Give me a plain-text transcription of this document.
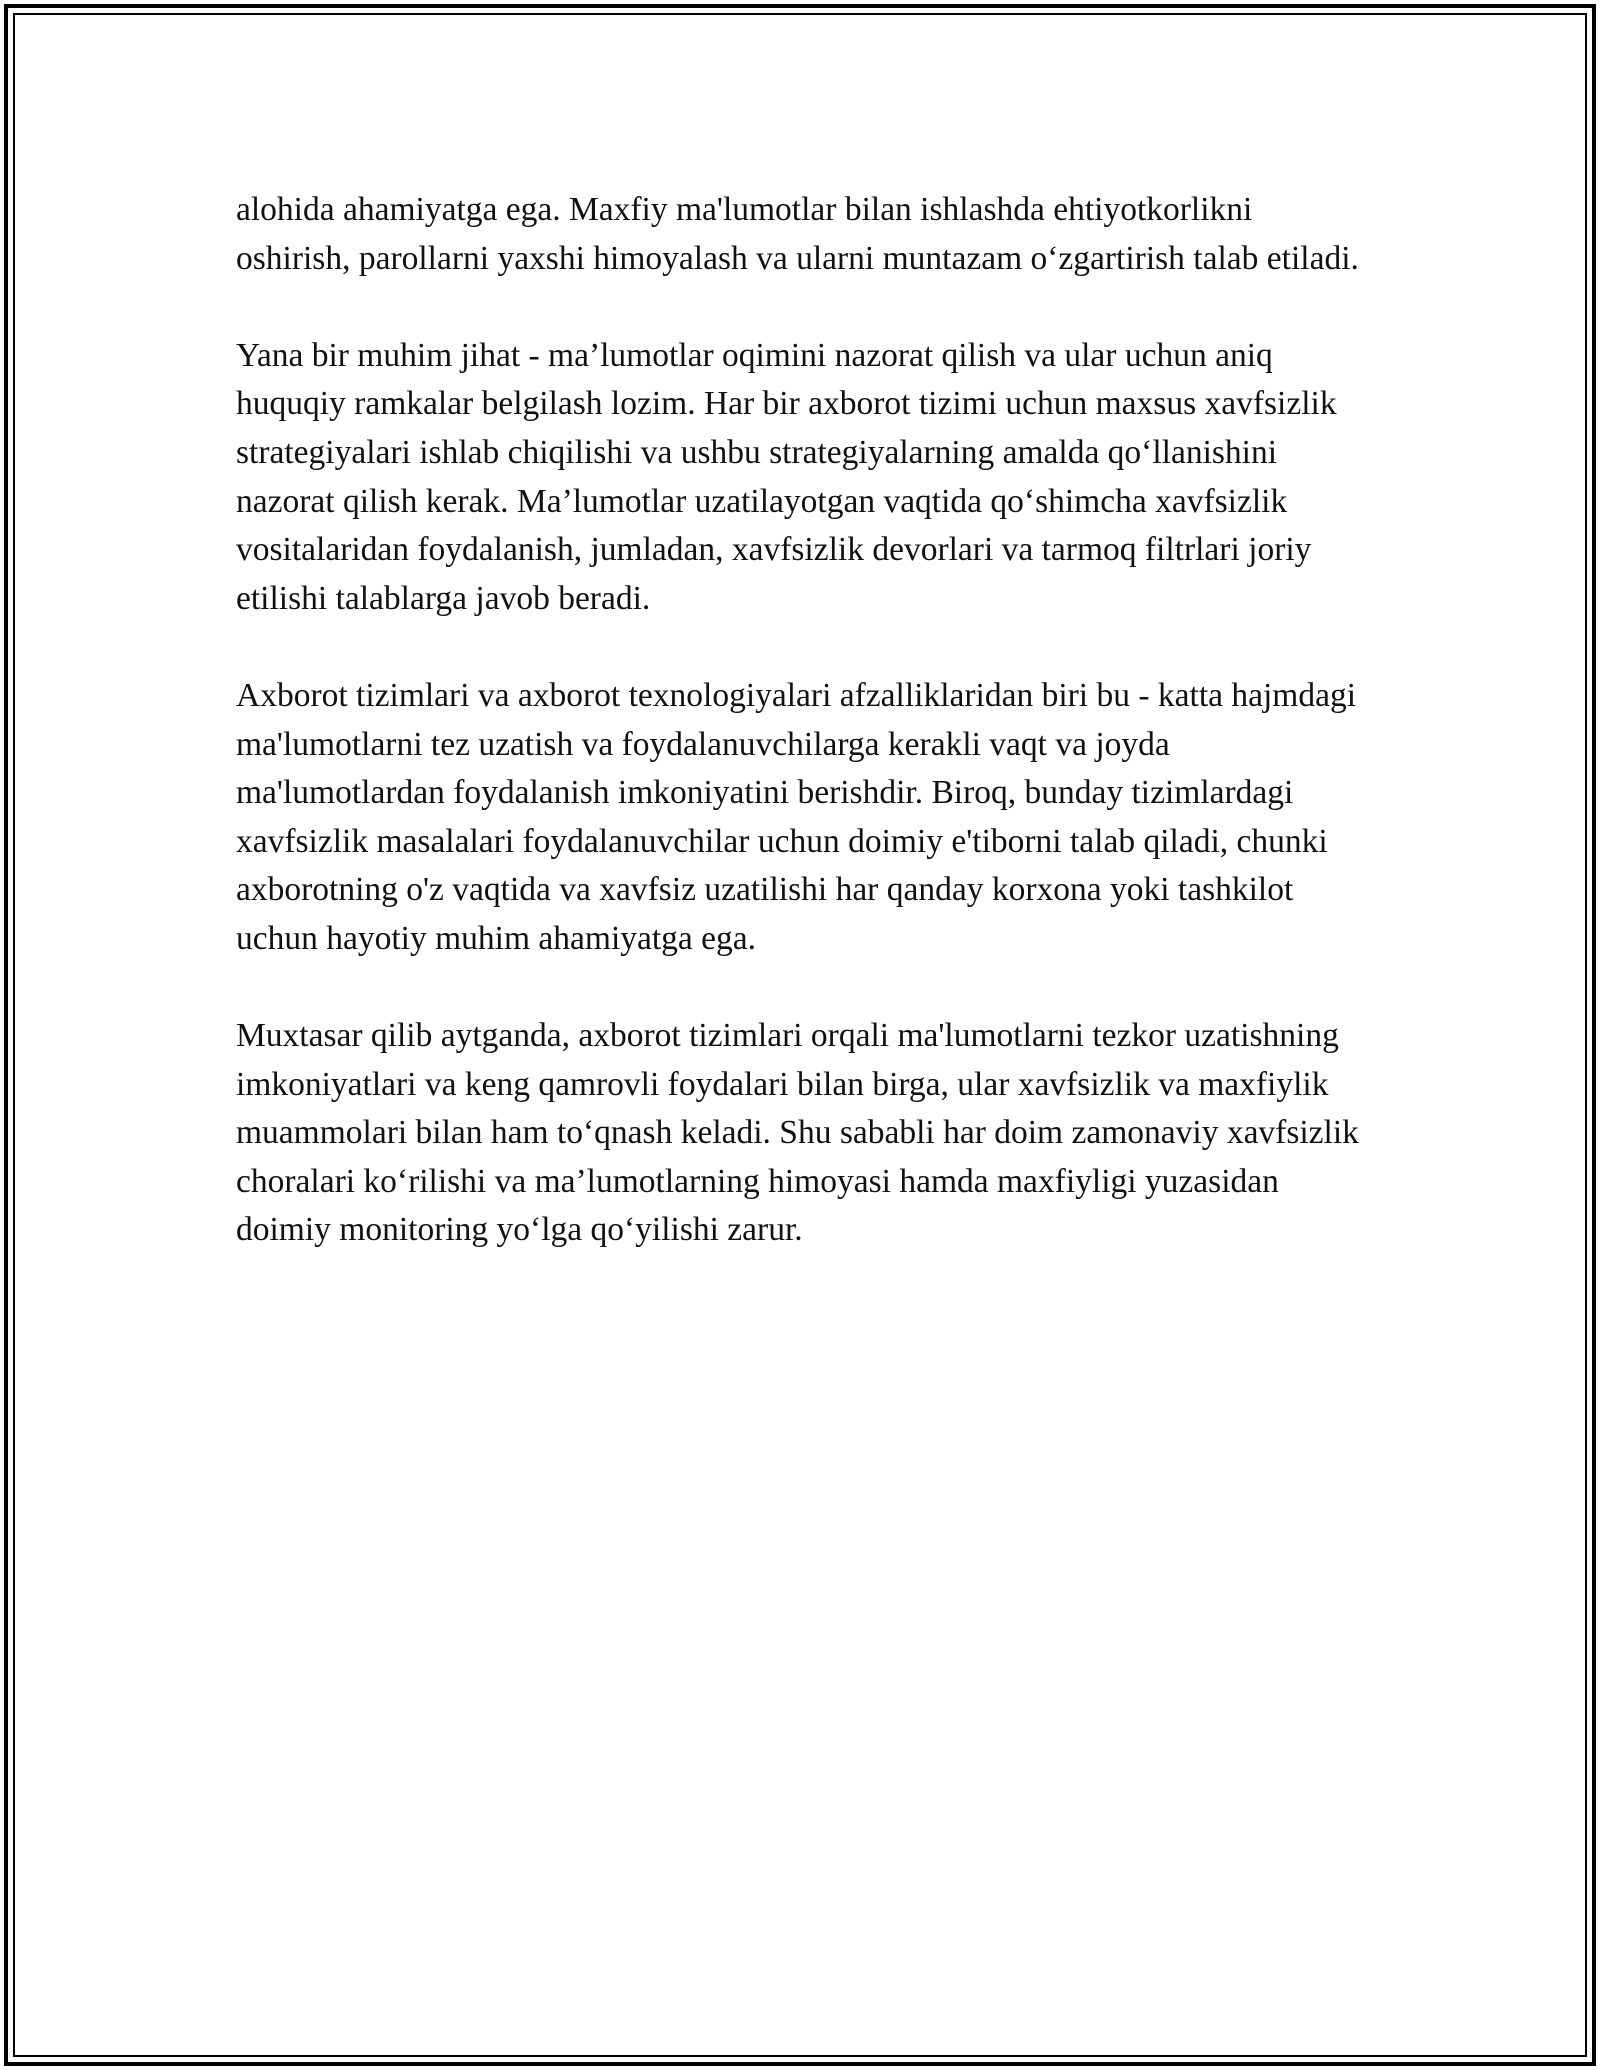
alohida ahamiyatga ega. Maxfiy ma'lumotlar bilan ishlashda ehtiyotkorlikni oshirish, parollarni yaxshi himoyalash va ularni muntazam o‘zgartirish talab etiladi.

Yana bir muhim jihat - ma’lumotlar oqimini nazorat qilish va ular uchun aniq huquqiy ramkalar belgilash lozim. Har bir axborot tizimi uchun maxsus xavfsizlik strategiyalari ishlab chiqilishi va ushbu strategiyalarning amalda qo‘llanishini nazorat qilish kerak. Ma’lumotlar uzatilayotgan vaqtida qo‘shimcha xavfsizlik vositalaridan foydalanish, jumladan, xavfsizlik devorlari va tarmoq filtrlari joriy etilishi talablarga javob beradi.

Axborot tizimlari va axborot texnologiyalari afzalliklaridan biri bu - katta hajmdagi ma'lumotlarni tez uzatish va foydalanuvchilarga kerakli vaqt va joyda ma'lumotlardan foydalanish imkoniyatini berishdir. Biroq, bunday tizimlardagi xavfsizlik masalalari foydalanuvchilar uchun doimiy e'tiborni talab qiladi, chunki axborotning o'z vaqtida va xavfsiz uzatilishi har qanday korxona yoki tashkilot uchun hayotiy muhim ahamiyatga ega.

Muxtasar qilib aytganda, axborot tizimlari orqali ma'lumotlarni tezkor uzatishning imkoniyatlari va keng qamrovli foydalari bilan birga, ular xavfsizlik va maxfiylik muammolari bilan ham to‘qnash keladi. Shu sababli har doim zamonaviy xavfsizlik choralari ko‘rilishi va ma’lumotlarning himoyasi hamda maxfiyligi yuzasidan doimiy monitoring yo‘lga qo‘yilishi zarur.
